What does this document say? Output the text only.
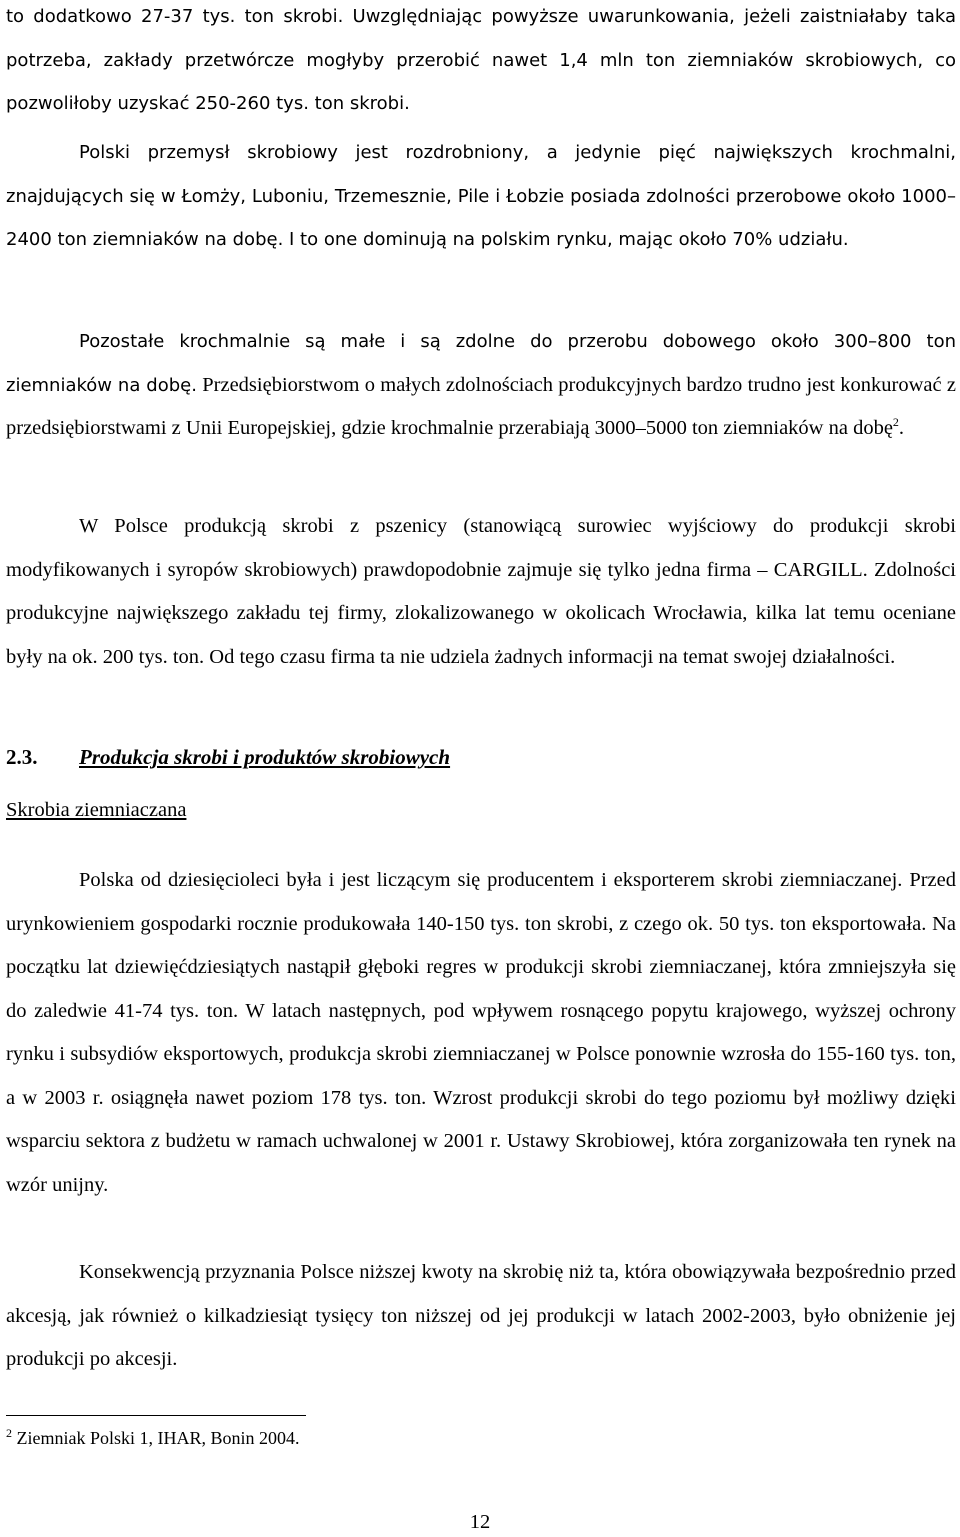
to dodatkowo 27-37 tys. ton skrobi. Uwzględniając powyższe uwarunkowania, jeżeli zaistniałaby taka potrzeba, zakłady przetwórcze mogłyby przerobić nawet 1,4 mln ton ziemniaków skrobiowych, co pozwoliłoby uzyskać 250-260 tys. ton skrobi.

Polski przemysł skrobiowy jest rozdrobniony, a jedynie pięć największych krochmalni, znajdujących się w Łomży, Luboniu, Trzemesznie, Pile i Łobzie posiada zdolności przerobowe około 1000–2400 ton ziemniaków na dobę. I to one dominują na polskim rynku, mając około 70% udziału.

Pozostałe krochmalnie są małe i są zdolne do przerobu dobowego około 300–800 ton ziemniaków na dobę. Przedsiębiorstwom o małych zdolnościach produkcyjnych bardzo trudno jest konkurować z przedsiębiorstwami z Unii Europejskiej, gdzie krochmalnie przerabiają 3000–5000 ton ziemniaków na dobę$^2$.

W Polsce produkcją skrobi z pszenicy (stanowiącą surowiec wyjściowy do produkcji skrobi modyfikowanych i syropów skrobiowych) prawdopodobnie zajmuje się tylko jedna firma – CARGILL. Zdolności produkcyjne największego zakładu tej firmy, zlokalizowanego w okolicach Wrocławia, kilka lat temu oceniane były na ok. 200 tys. ton. Od tego czasu firma ta nie udziela żadnych informacji na temat swojej działalności.

2.3. Produkcja skrobi i produktów skrobiowych

Skrobia ziemniaczana

Polska od dziesięcioleci była i jest liczącym się producentem i eksporterem skrobi ziemniaczanej. Przed urynkowieniem gospodarki rocznie produkowała 140-150 tys. ton skrobi, z czego ok. 50 tys. ton eksportowała. Na początku lat dziewięćdziesiątych nastąpił głęboki regres w produkcji skrobi ziemniaczanej, która zmniejszyła się do zaledwie 41-74 tys. ton. W latach następnych, pod wpływem rosnącego popytu krajowego, wyższej ochrony rynku i subsydiów eksportowych, produkcja skrobi ziemniaczanej w Polsce ponownie wzrosła do 155-160 tys. ton, a w 2003 r. osiągnęła nawet poziom 178 tys. ton. Wzrost produkcji skrobi do tego poziomu był możliwy dzięki wsparciu sektora z budżetu w ramach uchwalonej w 2001 r. Ustawy Skrobiowej, która zorganizowała ten rynek na wzór unijny.

Konsekwencją przyznania Polsce niższej kwoty na skrobię niż ta, która obowiązywała bezpośrednio przed akcesją, jak również o kilkadziesiąt tysięcy ton niższej od jej produkcji w latach 2002-2003, było obniżenie jej produkcji po akcesji.

$^2$ Ziemniak Polski 1, IHAR, Bonin 2004.

12
